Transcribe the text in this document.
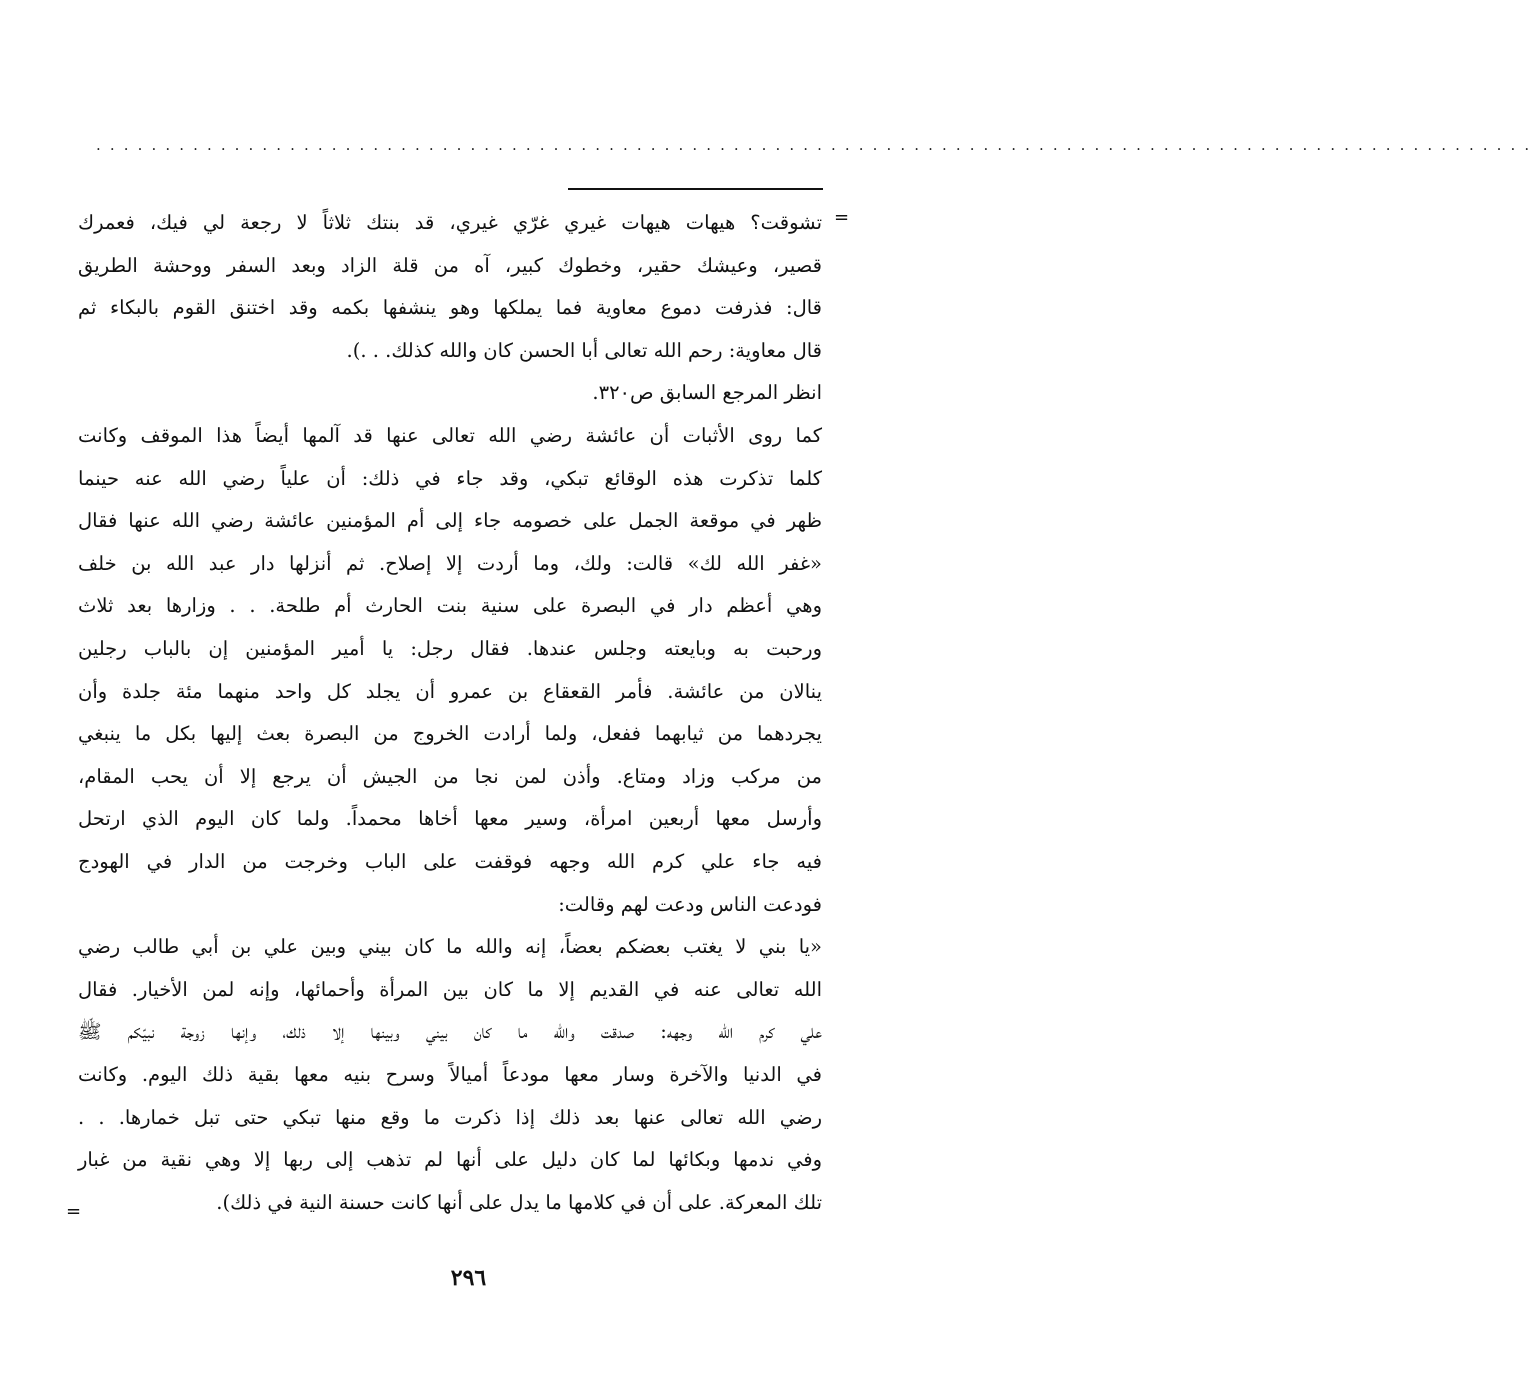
........................................................................................................
=
تشوقت؟ هيهات هيهات غيري غرّي غيري، قد بنتك ثلاثاً لا رجعة لي فيك، فعمرك
قصير، وعيشك حقير، وخطوك كبير، آه من قلة الزاد وبعد السفر ووحشة الطريق
قال: فذرفت دموع معاوية فما يملكها وهو ينشفها بكمه وقد اختنق القوم بالبكاء ثم
قال معاوية: رحم الله تعالى أبا الحسن كان والله كذلك. . .).
انظر المرجع السابق ص٣٢٠.
كما روى الأثبات أن عائشة رضي الله تعالى عنها قد آلمها أيضاً هذا الموقف وكانت
كلما تذكرت هذه الوقائع تبكي، وقد جاء في ذلك: أن علياً رضي الله عنه حينما
ظهر في موقعة الجمل على خصومه جاء إلى أم المؤمنين عائشة رضي الله عنها فقال
«غفر الله لك» قالت: ولك، وما أردت إلا إصلاح. ثم أنزلها دار عبد الله بن خلف
وهي أعظم دار في البصرة على سنية بنت الحارث أم طلحة. . . وزارها بعد ثلاث
ورحبت به وبايعته وجلس عندها. فقال رجل: يا أمير المؤمنين إن بالباب رجلين
ينالان من عائشة. فأمر القعقاع بن عمرو أن يجلد كل واحد منهما مئة جلدة وأن
يجردهما من ثيابهما ففعل، ولما أرادت الخروج من البصرة بعث إليها بكل ما ينبغي
من مركب وزاد ومتاع. وأذن لمن نجا من الجيش أن يرجع إلا أن يحب المقام،
وأرسل معها أربعين امرأة، وسير معها أخاها محمداً. ولما كان اليوم الذي ارتحل
فيه جاء علي كرم الله وجهه فوقفت على الباب وخرجت من الدار في الهودج
فودعت الناس ودعت لهم وقالت:
«يا بني لا يغتب بعضكم بعضاً، إنه والله ما كان بيني وبين علي بن أبي طالب رضي
الله تعالى عنه في القديم إلا ما كان بين المرأة وأحمائها، وإنه لمن الأخيار. فقال
علي كرم الله وجهه: صدقت والله ما كان بيني وبينها إلا ذلك، وإنها زوجة نبيّكم ﷺ
في الدنيا والآخرة وسار معها مودعاً أميالاً وسرح بنيه معها بقية ذلك اليوم. وكانت
رضي الله تعالى عنها بعد ذلك إذا ذكرت ما وقع منها تبكي حتى تبل خمارها. . .
وفي ندمها وبكائها لما كان دليل على أنها لم تذهب إلى ربها إلا وهي نقية من غبار
تلك المعركة. على أن في كلامها ما يدل على أنها كانت حسنة النية في ذلك).
=
٢٩٦
